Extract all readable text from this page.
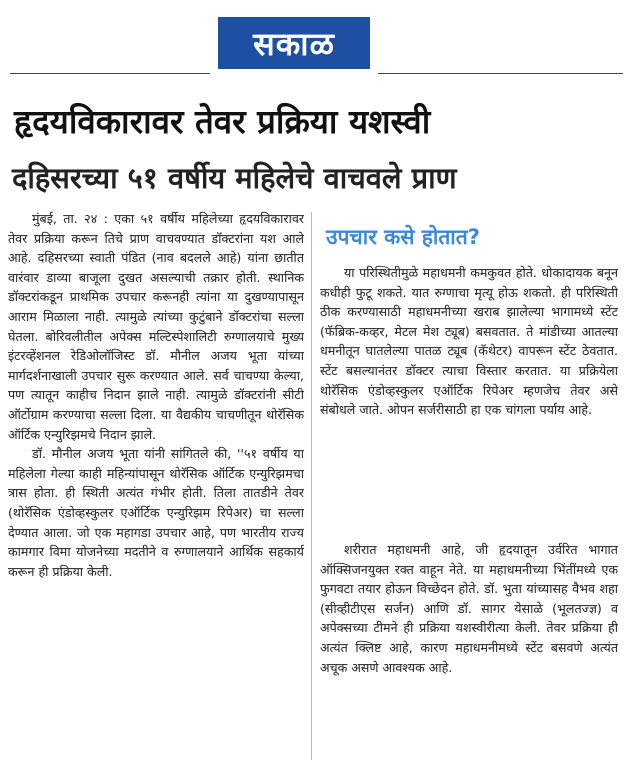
सकाळ
हृदयविकारावर तेवर प्रक्रिया यशस्वी
दहिसरच्या ५१ वर्षीय महिलेचे वाचवले प्राण

मुंबई, ता. २४ : एका ५१ वर्षीय महिलेच्या हृदयविकारावर तेवर प्रक्रिया करून तिचे प्राण वाचवण्यात डॉक्टरांना यश आले आहे. दहिसरच्या स्वाती पंडित (नाव बदलले आहे) यांना छातीत वारंवार डाव्या बाजूला दुखत असल्याची तक्रार होती. स्थानिक डॉक्टरांकडून प्राथमिक उपचार करूनही त्यांना या दुखण्यापासून आराम मिळाला नाही. त्यामुळे त्यांच्या कुटुंबाने डॉक्टरांचा सल्ला घेतला. बोरिवलीतील अपेक्स मल्टिस्पेशालिटी रुग्णालयाचे मुख्य इंटरव्हेंशनल रेडिओलॉजिस्ट डॉ. मौनील अजय भूता यांच्या मार्गदर्शनाखाली उपचार सुरू करण्यात आले. सर्व चाचण्या केल्या, पण त्यातून काहीच निदान झाले नाही. त्यामुळे डॉक्टरांनी सीटी ऑर्टोग्राम करण्याचा सल्ला दिला. या वैद्यकीय चाचणीतून थोरॅसिक ऑर्टिक एन्युरिझमचे निदान झाले.

डॉ. मौनील अजय भूता यांनी सांगितले की, ''५१ वर्षीय या महिलेला गेल्या काही महिन्यांपासून थोरॅसिक ऑर्टिक एन्युरिझमचा त्रास होता. ही स्थिती अत्यंत गंभीर होती. तिला तातडीने तेवर (थोरॅसिक एंडोव्हस्कुलर एऑर्टिक एन्युरिझम रिपेअर) चा सल्ला देण्यात आला. जो एक महागडा उपचार आहे, पण भारतीय राज्य कामगार विमा योजनेच्या मदतीने व रुग्णालयाने आर्थिक सहकार्य करून ही प्रक्रिया केली.

उपचार कसे होतात?

या परिस्थितीमुळे महाधमनी कमकुवत होते. धोकादायक बनून कधीही फुटू शकते. यात रुग्णाचा मृत्यू होऊ शकतो. ही परिस्थिती ठीक करण्यासाठी महाधमनीच्या खराब झालेल्या भागामध्ये स्टेंट (फॅब्रिक-कव्हर, मेटल मेश ट्यूब) बसवतात. ते मांडीच्या आतल्या धमनीतून घातलेल्या पातळ ट्यूब (कॅथेटर) वापरून स्टेंट ठेवतात. स्टेंट बसल्यानंतर डॉक्टर त्याचा विस्तार करतात. या प्रक्रियेला थोरॅसिक एंडोव्हस्कुलर एऑर्टिक रिपेअर म्हणजेच तेवर असे संबोधले जाते. ओपन सर्जरीसाठी हा एक चांगला पर्याय आहे.

शरीरात महाधमनी आहे, जी हृदयातून उर्वरित भागात ऑक्सिजनयुक्त रक्त वाहून नेते. या महाधमनीच्या भिंतींमध्ये एक फुगवटा तयार होऊन विच्छेदन होते. डॉ. भुता यांच्यासह वैभव शहा (सीव्हीटीएस सर्जन) आणि डॉ. सागर येसाळे (भूलतज्ज्ञ) व अपेक्सच्या टीमने ही प्रक्रिया यशस्वीरीत्या केली. तेवर प्रक्रिया ही अत्यंत क्लिष्ट आहे, कारण महाधमनीमध्ये स्टेंट बसवणे अत्यंत अचूक असणे आवश्यक आहे.
